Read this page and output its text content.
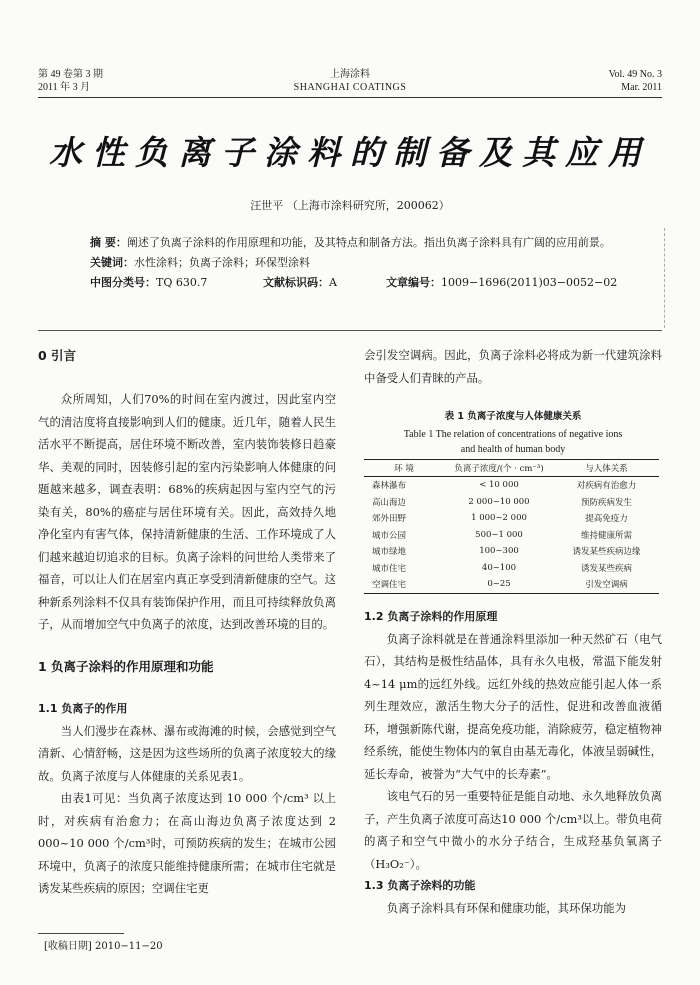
第 49 卷第 3 期
2011 年 3 月
上海涂料
SHANGHAI COATINGS
Vol. 49 No. 3
Mar. 2011
水性负离子涂料的制备及其应用
汪世平 （上海市涂料研究所，200062）
摘 要：阐述了负离子涂料的作用原理和功能，及其特点和制备方法。指出负离子涂料具有广阔的应用前景。
关键词：水性涂料；负离子涂料；环保型涂料
中图分类号：TQ 630.7	文献标识码：A	文章编号：1009−1696(2011)03−0052−02
0 引言
众所周知，人们70%的时间在室内渡过，因此室内空气的清洁度将直接影响到人们的健康。近几年，随着人民生活水平不断提高，居住环境不断改善，室内装饰装修日趋豪华、美观的同时，因装修引起的室内污染影响人体健康的问题越来越多，调查表明：68%的疾病起因与室内空气的污染有关，80%的癌症与居住环境有关。因此，高效持久地净化室内有害气体，保持清新健康的生活、工作环境成了人们越来越迫切追求的目标。负离子涂料的问世给人类带来了福音，可以让人们在居室内真正享受到清新健康的空气。这种新系列涂料不仅具有装饰保护作用，而且可持续释放负离子，从而增加空气中负离子的浓度，达到改善环境的目的。
1 负离子涂料的作用原理和功能
1.1 负离子的作用
当人们漫步在森林、瀑布或海滩的时候，会感觉到空气清新、心情舒畅，这是因为这些场所的负离子浓度较大的缘故。负离子浓度与人体健康的关系见表1。
由表1可见：当负离子浓度达到 10 000 个/cm³ 以上时，对疾病有治愈力；在高山海边负离子浓度达到 2 000~10 000 个/cm³时，可预防疾病的发生；在城市公园环境中，负离子的浓度只能维持健康所需；在城市住宅就是诱发某些疾病的原因；空调住宅更
[收稿日期] 2010−11−20
会引发空调病。因此，负离子涂料必将成为新一代建筑涂料中备受人们青睐的产品。
表 1 负离子浓度与人体健康关系
Table 1 The relation of concentrations of negative ions
and health of human body
环 境	负离子浓度/(个 · cm⁻³)	与人体关系
森林瀑布	< 10 000	对疾病有治愈力
高山海边	2 000~10 000	预防疾病发生
郊外田野	1 000~2 000	提高免疫力
城市公园	500~1 000	维持健康所需
城市绿地	100~300	诱发某些疾病边缘
城市住宅	40~100	诱发某些疾病
空调住宅	0~25	引发空调病
1.2 负离子涂料的作用原理
负离子涂料就是在普通涂料里添加一种天然矿石（电气石），其结构是极性结晶体，具有永久电极，常温下能发射4~14 μm的远红外线。远红外线的热效应能引起人体一系列生理效应，激活生物大分子的活性，促进和改善血液循环，增强新陈代谢，提高免疫功能，消除疲劳，稳定植物神经系统，能使生物体内的氧自由基无毒化，体液呈弱碱性，延长寿命，被誉为“大气中的长寿素”。
该电气石的另一重要特征是能自动地、永久地释放负离子，产生负离子浓度可高达10 000 个/cm³以上。带负电荷的离子和空气中微小的水分子结合，生成羟基负氧离子（H₃O₂⁻）。
1.3 负离子涂料的功能
负离子涂料具有环保和健康功能，其环保功能为
